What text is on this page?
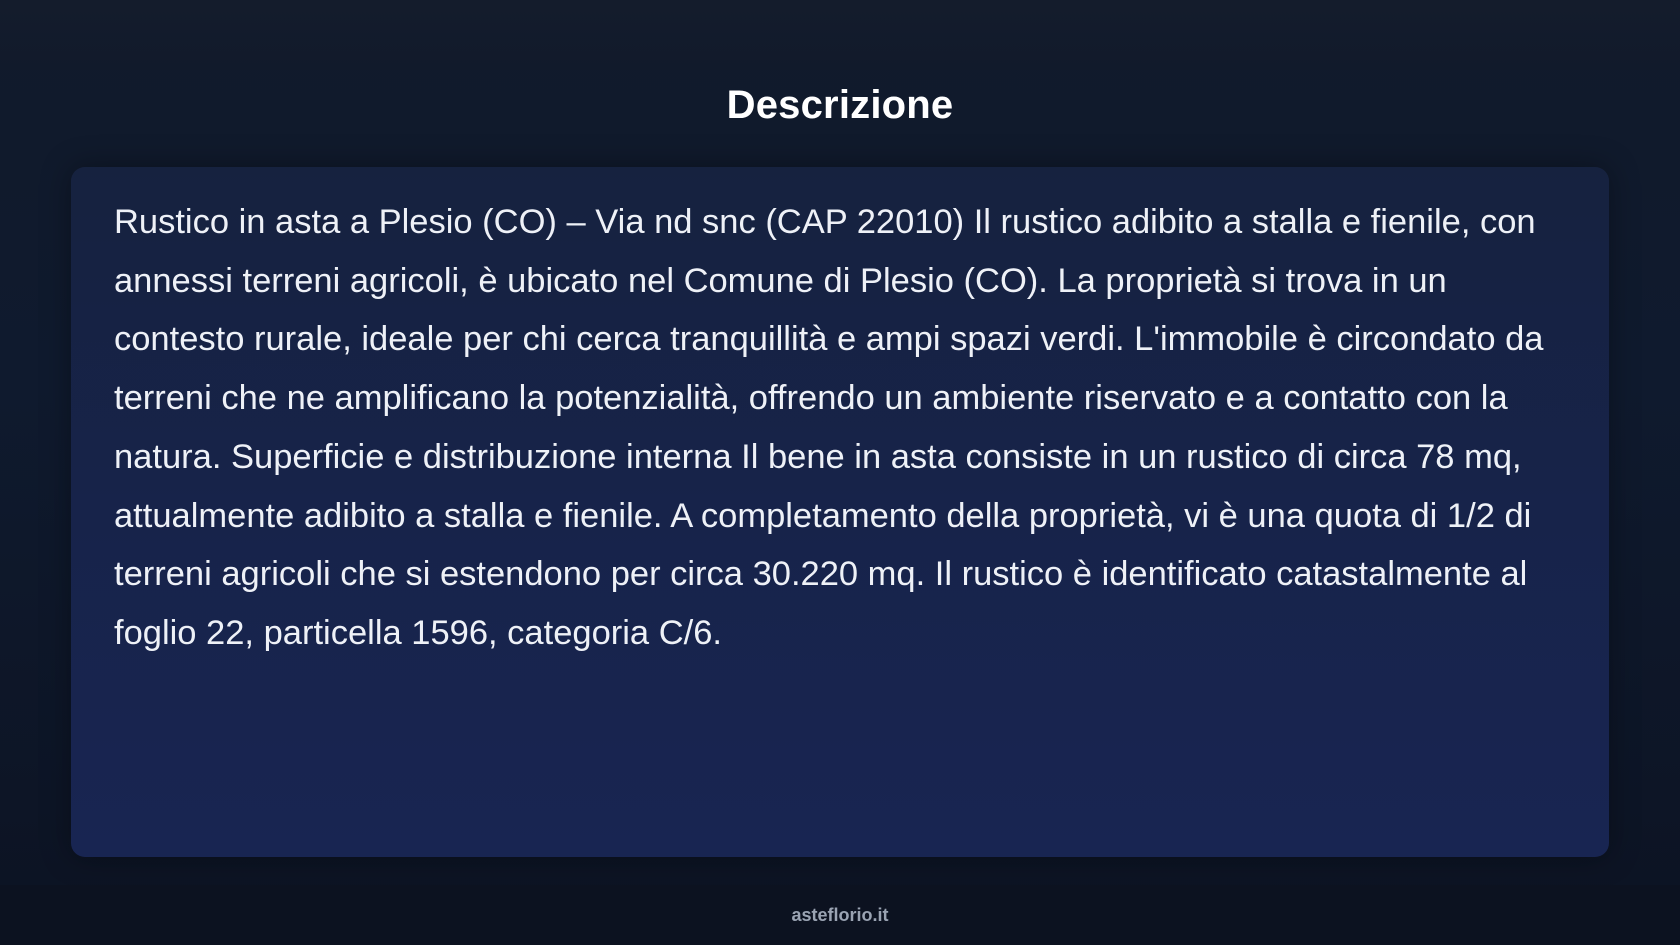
Descrizione

Rustico in asta a Plesio (CO) – Via nd snc (CAP 22010) Il rustico adibito a stalla e fienile, con annessi terreni agricoli, è ubicato nel Comune di Plesio (CO). La proprietà si trova in un contesto rurale, ideale per chi cerca tranquillità e ampi spazi verdi. L'immobile è circondato da terreni che ne amplificano la potenzialità, offrendo un ambiente riservato e a contatto con la natura. Superficie e distribuzione interna Il bene in asta consiste in un rustico di circa 78 mq, attualmente adibito a stalla e fienile. A completamento della proprietà, vi è una quota di 1/2 di terreni agricoli che si estendono per circa 30.220 mq. Il rustico è identificato catastalmente al foglio 22, particella 1596, categoria C/6.

asteflorio.it
